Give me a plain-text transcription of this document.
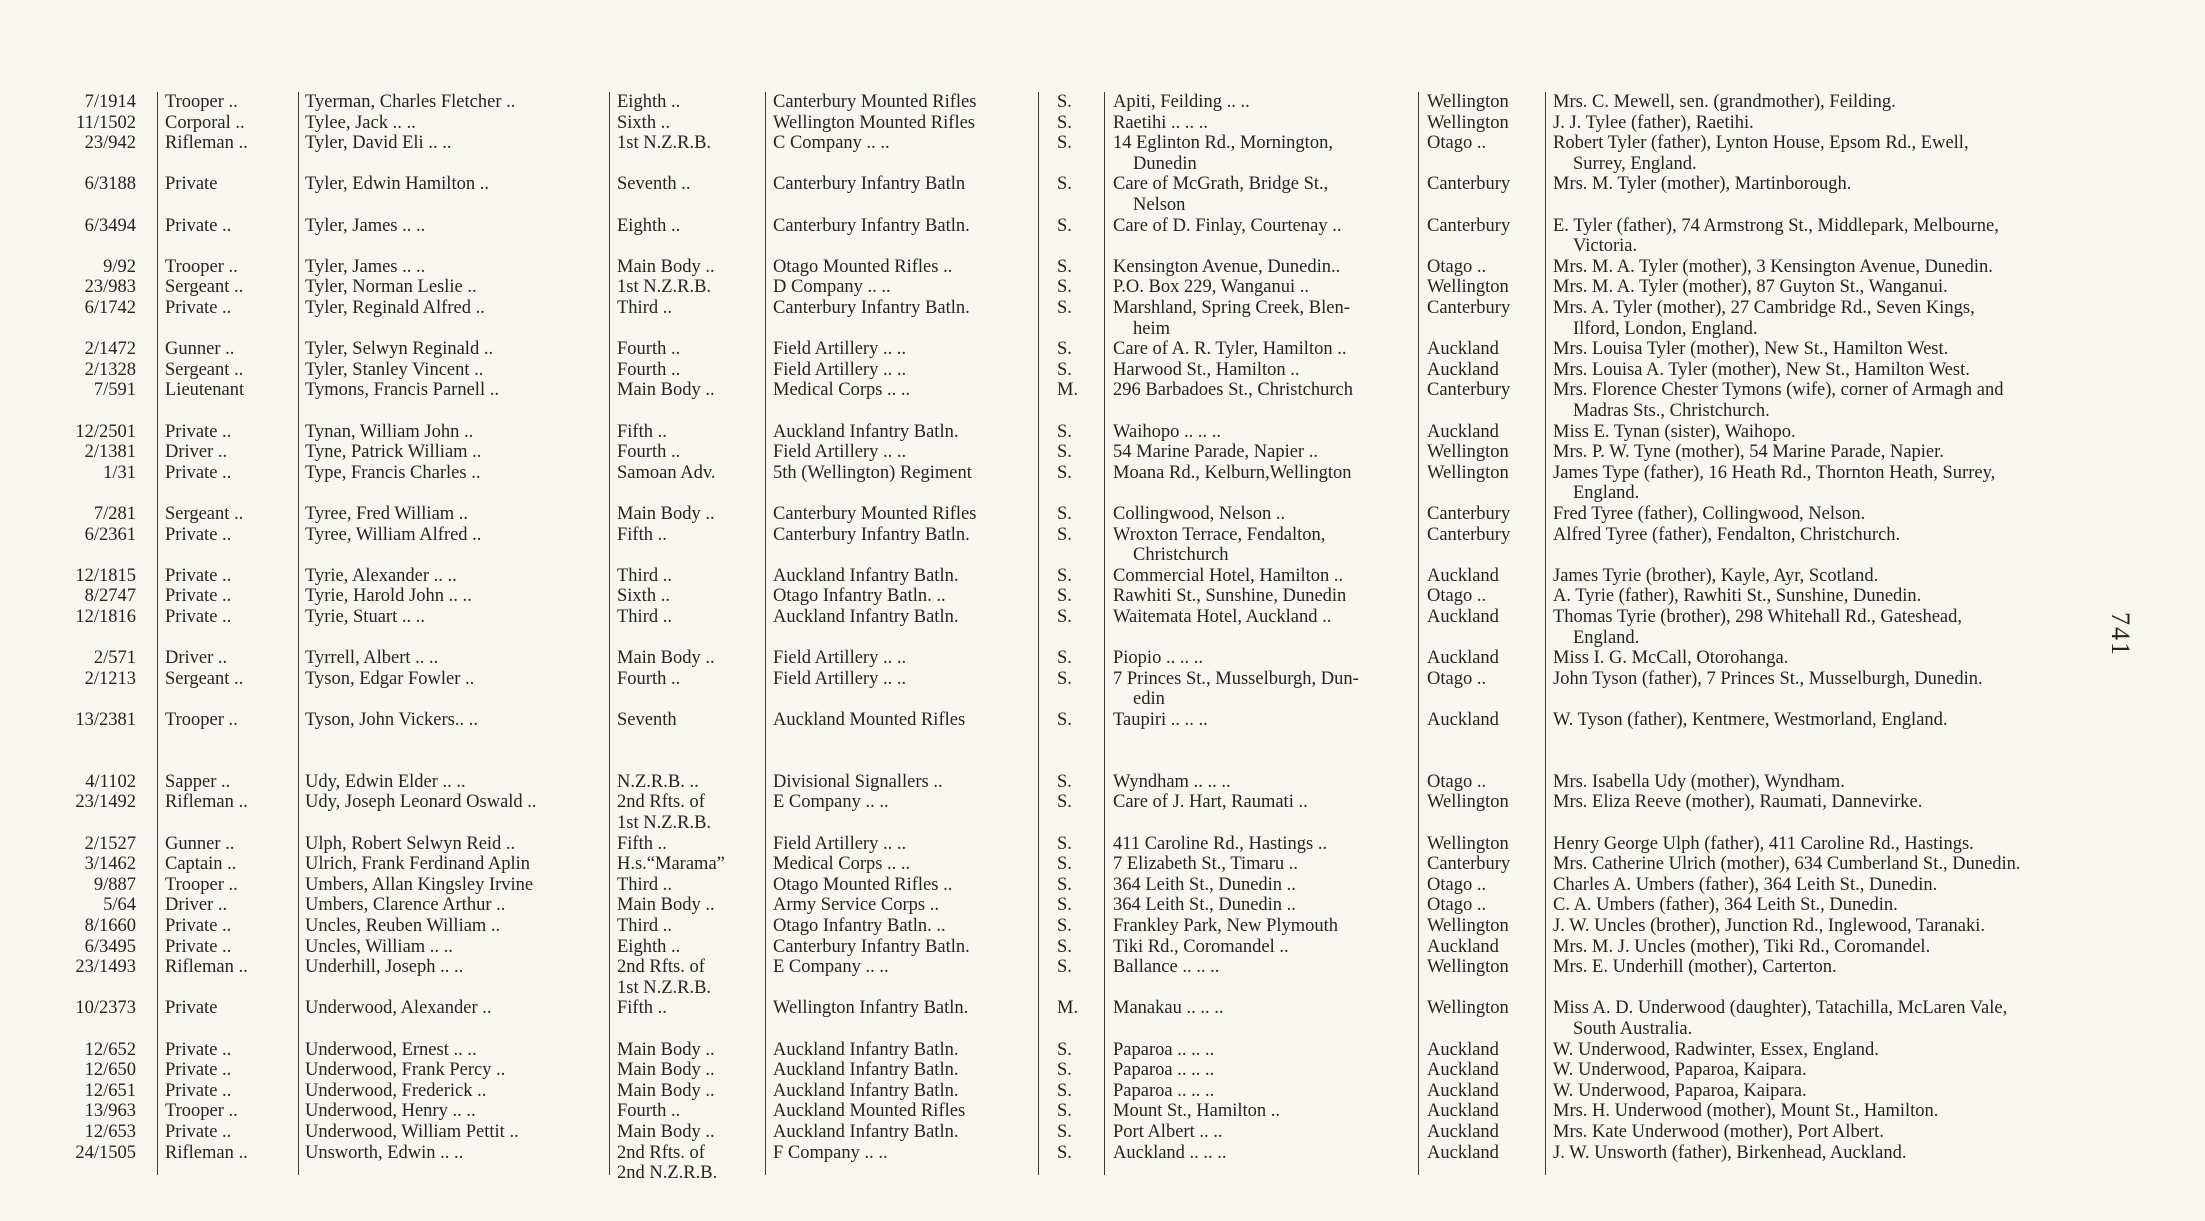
7/1914 Trooper ..	Tyerman, Charles Fletcher ..	Eighth ..	Canterbury Mounted Rifles	S.	Apiti, Feilding .. ..	Wellington	Mrs. C. Mewell, sen. (grandmother), Feilding.
11/1502 Corporal ..	Tylee, Jack .. ..	Sixth ..	Wellington Mounted Rifles	S.	Raetihi .. .. ..	Wellington	J. J. Tylee (father), Raetihi.
23/942 Rifleman ..	Tyler, David Eli .. ..	1st N.Z.R.B.	C Company .. ..	S.	14 Eglinton Rd., Mornington,	Otago ..	Robert Tyler (father), Lynton House, Epsom Rd., Ewell,
Dunedin	Surrey, England.
6/3188 Private	Tyler, Edwin Hamilton ..	Seventh ..	Canterbury Infantry Batln	S.	Care of McGrath, Bridge St.,	Canterbury	Mrs. M. Tyler (mother), Martinborough.
Nelson
6/3494 Private ..	Tyler, James .. ..	Eighth ..	Canterbury Infantry Batln.	S.	Care of D. Finlay, Courtenay ..	Canterbury	E. Tyler (father), 74 Armstrong St., Middlepark, Melbourne,
Victoria.
9/92 Trooper ..	Tyler, James .. ..	Main Body ..	Otago Mounted Rifles ..	S.	Kensington Avenue, Dunedin..	Otago ..	Mrs. M. A. Tyler (mother), 3 Kensington Avenue, Dunedin.
23/983 Sergeant ..	Tyler, Norman Leslie ..	1st N.Z.R.B.	D Company .. ..	S.	P.O. Box 229, Wanganui ..	Wellington	Mrs. M. A. Tyler (mother), 87 Guyton St., Wanganui.
6/1742 Private ..	Tyler, Reginald Alfred ..	Third ..	Canterbury Infantry Batln.	S.	Marshland, Spring Creek, Blen-	Canterbury	Mrs. A. Tyler (mother), 27 Cambridge Rd., Seven Kings,
heim	Ilford, London, England.
2/1472 Gunner ..	Tyler, Selwyn Reginald ..	Fourth ..	Field Artillery .. ..	S.	Care of A. R. Tyler, Hamilton ..	Auckland	Mrs. Louisa Tyler (mother), New St., Hamilton West.
2/1328 Sergeant ..	Tyler, Stanley Vincent ..	Fourth ..	Field Artillery .. ..	S.	Harwood St., Hamilton ..	Auckland	Mrs. Louisa A. Tyler (mother), New St., Hamilton West.
7/591 Lieutenant	Tymons, Francis Parnell ..	Main Body ..	Medical Corps .. ..	M. 296 Barbadoes St., Christchurch	Canterbury	Mrs. Florence Chester Tymons (wife), corner of Armagh and
Madras Sts., Christchurch.
12/2501 Private ..	Tynan, William John ..	Fifth ..	Auckland Infantry Batln.	S.	Waihopo .. .. ..	Auckland	Miss E. Tynan (sister), Waihopo.
2/1381 Driver ..	Tyne, Patrick William ..	Fourth ..	Field Artillery .. ..	S.	54 Marine Parade, Napier ..	Wellington	Mrs. P. W. Tyne (mother), 54 Marine Parade, Napier.
1/31 Private ..	Type, Francis Charles ..	Samoan Adv.	5th (Wellington) Regiment	S.	Moana Rd., Kelburn,Wellington	Wellington	James Type (father), 16 Heath Rd., Thornton Heath, Surrey,
England.
7/281 Sergeant ..	Tyree, Fred William ..	Main Body ..	Canterbury Mounted Rifles	S.	Collingwood, Nelson ..	Canterbury	Fred Tyree (father), Collingwood, Nelson.
6/2361 Private ..	Tyree, William Alfred ..	Fifth ..	Canterbury Infantry Batln.	S.	Wroxton Terrace, Fendalton,	Canterbury	Alfred Tyree (father), Fendalton, Christchurch.
Christchurch
12/1815 Private ..	Tyrie, Alexander .. ..	Third ..	Auckland Infantry Batln.	S.	Commercial Hotel, Hamilton ..	Auckland	James Tyrie (brother), Kayle, Ayr, Scotland.
8/2747 Private ..	Tyrie, Harold John .. ..	Sixth ..	Otago Infantry Batln. ..	S.	Rawhiti St., Sunshine, Dunedin	Otago ..	A. Tyrie (father), Rawhiti St., Sunshine, Dunedin.
12/1816 Private ..	Tyrie, Stuart .. ..	Third ..	Auckland Infantry Batln.	S.	Waitemata Hotel, Auckland ..	Auckland	Thomas Tyrie (brother), 298 Whitehall Rd., Gateshead,
England.
2/571 Driver ..	Tyrrell, Albert .. ..	Main Body ..	Field Artillery .. ..	S.	Piopio .. .. ..	Auckland	Miss I. G. McCall, Otorohanga.
2/1213 Sergeant ..	Tyson, Edgar Fowler ..	Fourth ..	Field Artillery .. ..	S.	7 Princes St., Musselburgh, Dun-	Otago ..	John Tyson (father), 7 Princes St., Musselburgh, Dunedin.
edin
13/2381 Trooper ..	Tyson, John Vickers.. ..	Seventh	Auckland Mounted Rifles	S.	Taupiri .. .. ..	Auckland	W. Tyson (father), Kentmere, Westmorland, England.
4/1102 Sapper ..	Udy, Edwin Elder .. ..	N.Z.R.B. ..	Divisional Signallers ..	S.	Wyndham .. .. ..	Otago ..	Mrs. Isabella Udy (mother), Wyndham.
23/1492 Rifleman ..	Udy, Joseph Leonard Oswald ..	2nd Rfts. of	E Company .. ..	S.	Care of J. Hart, Raumati ..	Wellington	Mrs. Eliza Reeve (mother), Raumati, Dannevirke.
1st N.Z.R.B.
2/1527 Gunner ..	Ulph, Robert Selwyn Reid ..	Fifth ..	Field Artillery .. ..	S.	411 Caroline Rd., Hastings ..	Wellington	Henry George Ulph (father), 411 Caroline Rd., Hastings.
3/1462 Captain ..	Ulrich, Frank Ferdinand Aplin	H.s.“Marama”	Medical Corps .. ..	S.	7 Elizabeth St., Timaru ..	Canterbury	Mrs. Catherine Ulrich (mother), 634 Cumberland St., Dunedin.
9/887 Trooper ..	Umbers, Allan Kingsley Irvine	Third ..	Otago Mounted Rifles ..	S.	364 Leith St., Dunedin ..	Otago ..	Charles A. Umbers (father), 364 Leith St., Dunedin.
5/64 Driver ..	Umbers, Clarence Arthur ..	Main Body ..	Army Service Corps ..	S.	364 Leith St., Dunedin ..	Otago ..	C. A. Umbers (father), 364 Leith St., Dunedin.
8/1660 Private ..	Uncles, Reuben William ..	Third ..	Otago Infantry Batln. ..	S.	Frankley Park, New Plymouth	Wellington	J. W. Uncles (brother), Junction Rd., Inglewood, Taranaki.
6/3495 Private ..	Uncles, William .. ..	Eighth ..	Canterbury Infantry Batln.	S.	Tiki Rd., Coromandel ..	Auckland	Mrs. M. J. Uncles (mother), Tiki Rd., Coromandel.
23/1493 Rifleman ..	Underhill, Joseph .. ..	2nd Rfts. of	E Company .. ..	S.	Ballance .. .. ..	Wellington	Mrs. E. Underhill (mother), Carterton.
1st N.Z.R.B.
10/2373 Private	Underwood, Alexander ..	Fifth ..	Wellington Infantry Batln.	M. Manakau .. .. ..	Wellington	Miss A. D. Underwood (daughter), Tatachilla, McLaren Vale,
South Australia.
12/652 Private ..	Underwood, Ernest .. ..	Main Body ..	Auckland Infantry Batln.	S.	Paparoa .. .. ..	Auckland	W. Underwood, Radwinter, Essex, England.
12/650 Private ..	Underwood, Frank Percy ..	Main Body ..	Auckland Infantry Batln.	S.	Paparoa .. .. ..	Auckland	W. Underwood, Paparoa, Kaipara.
12/651 Private ..	Underwood, Frederick ..	Main Body ..	Auckland Infantry Batln.	S.	Paparoa .. .. ..	Auckland	W. Underwood, Paparoa, Kaipara.
13/963 Trooper ..	Underwood, Henry .. ..	Fourth ..	Auckland Mounted Rifles	S.	Mount St., Hamilton ..	Auckland	Mrs. H. Underwood (mother), Mount St., Hamilton.
12/653 Private ..	Underwood, William Pettit ..	Main Body ..	Auckland Infantry Batln.	S.	Port Albert .. ..	Auckland	Mrs. Kate Underwood (mother), Port Albert.
24/1505 Rifleman ..	Unsworth, Edwin .. ..	2nd Rfts. of	F Company .. ..	S.	Auckland .. .. ..	Auckland	J. W. Unsworth (father), Birkenhead, Auckland.
2nd N.Z.R.B.
741
